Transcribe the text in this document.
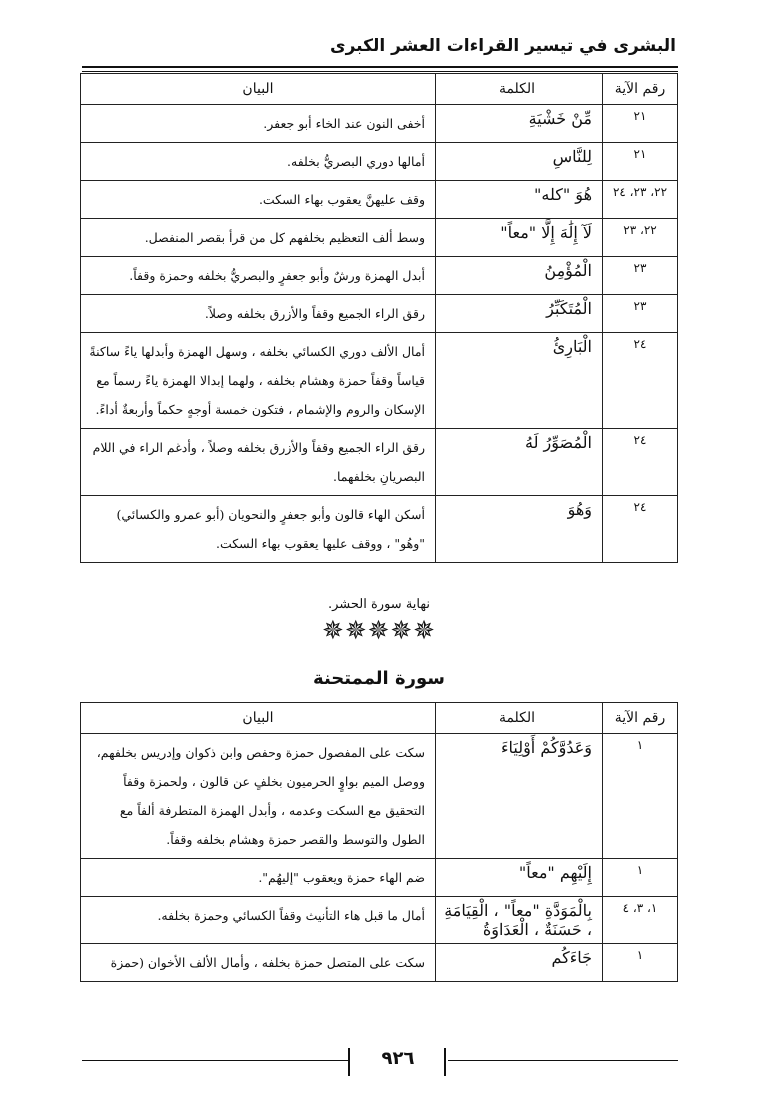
البشرى في تيسير القراءات العشر الكبرى
رقم الآية	الكلمة	البيان
٢١	مِّنْ خَشْيَةِ	أخفى النون عند الخاء أبو جعفر.
٢١	لِلنَّاسِ	أمالها دوري البصريُّ بخلفه.
٢٢، ٢٣، ٢٤	هُوَ "كله"	وقف عليهنَّ يعقوب بهاء السكت.
٢٢، ٢٣	لَآ إِلَٰهَ إِلَّا "معاً"	وسط ألف التعظيم بخلفهم كل من قرأ بقصر المنفصل.
٢٣	الْمُؤْمِنُ	أبدل الهمزة ورشٌ وأبو جعفرٍ والبصريُّ بخلفه وحمزة وقفاً.
٢٣	الْمُتَكَبِّرُ	رقق الراء الجميع وقفاً والأزرق بخلفه وصلاً.
٢٤	الْبَارِئُ	أمال الألف دوري الكسائي بخلفه ، وسهل الهمزة وأبدلها ياءً ساكنةً قياساً وقفاً حمزة وهشام بخلفه ، ولهما إبدالا الهمزة ياءً رسماً مع الإسكان والروم والإشمام ، فتكون خمسة أوجهٍ حكماً وأربعةٌ أداءً.
٢٤	الْمُصَوِّرُ لَهُ	رقق الراء الجميع وقفاً والأزرق بخلفه وصلاً ، وأدغم الراء في اللام البصريانِ بخلفهما.
٢٤	وَهُوَ	أسكن الهاء قالون وأبو جعفرٍ والنحويان (أبو عمرو والكسائي) "وهُو" ، ووقف عليها يعقوب بهاء السكت.
نهاية سورة الحشر.
✵✵✵✵✵
سورة الممتحنة
رقم الآية	الكلمة	البيان
١	وَعَدُوَّكُمْ أَوْلِيَاءَ	سكت على المفصول حمزة وحفص وابن ذكوان وإدريس بخلفهم، ووصل الميم بواوٍ الحرميون بخلفٍ عن قالون ، ولحمزة وقفاً التحقيق مع السكت وعدمه ، وأبدل الهمزة المتطرفة ألفاً مع الطول والتوسط والقصر حمزة وهشام بخلفه وقفاً.
١	إِلَيْهِم "معاً"	ضم الهاء حمزة ويعقوب "إليهُم".
١، ٣، ٤	بِالْمَوَدَّةِ "معاً" ، الْقِيَامَةِ ، حَسَنَةٌ ، الْعَدَاوَةُ	أمال ما قبل هاء التأنيث وقفاً الكسائي وحمزة بخلفه.
١	جَاءَكُم	سكت على المتصل حمزة بخلفه ، وأمال الألف الأخوان (حمزة
٩٢٦
